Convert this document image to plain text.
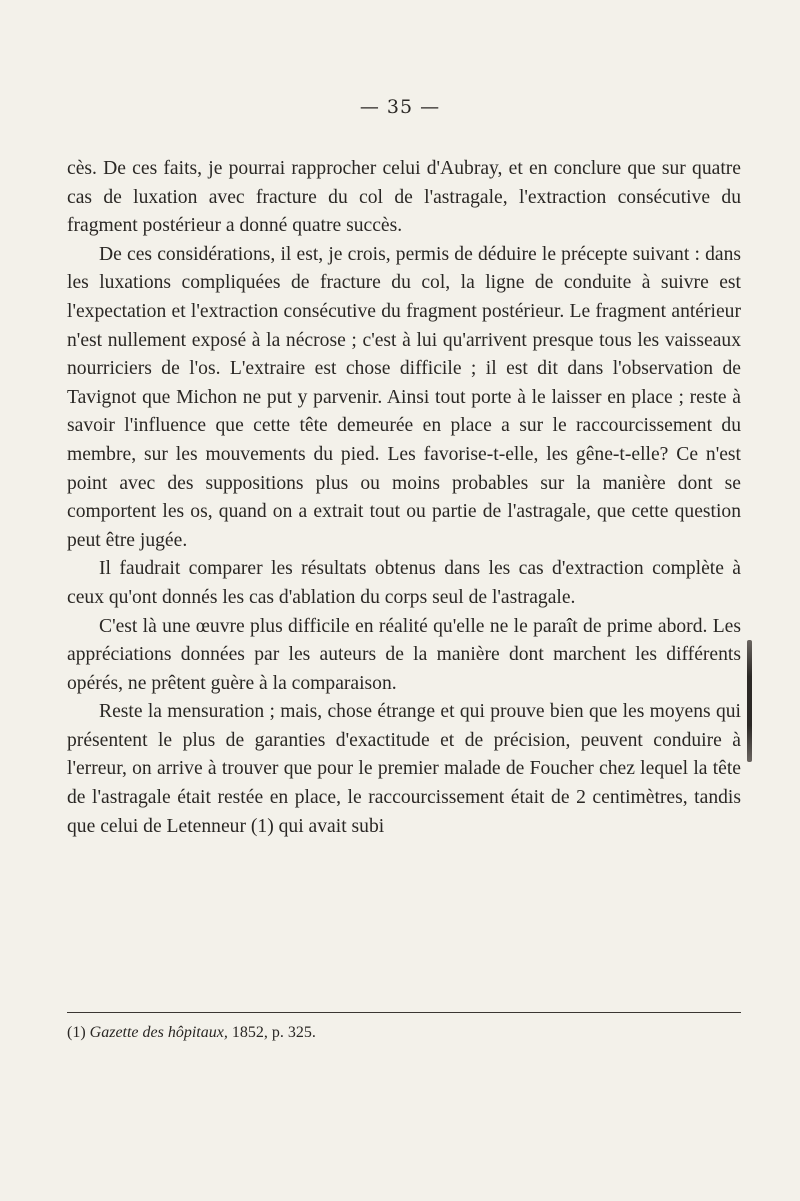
— 35 —

cès. De ces faits, je pourrai rapprocher celui d'Aubray, et en conclure que sur quatre cas de luxation avec fracture du col de l'astragale, l'extraction consécutive du fragment postérieur a donné quatre succès.

De ces considérations, il est, je crois, permis de déduire le précepte suivant : dans les luxations compliquées de fracture du col, la ligne de conduite à suivre est l'expectation et l'extraction consécutive du fragment postérieur. Le fragment antérieur n'est nullement exposé à la nécrose ; c'est à lui qu'arrivent presque tous les vaisseaux nourriciers de l'os. L'extraire est chose difficile ; il est dit dans l'observation de Tavignot que Michon ne put y parvenir. Ainsi tout porte à le laisser en place ; reste à savoir l'influence que cette tête demeurée en place a sur le raccourcissement du membre, sur les mouvements du pied. Les favorise-t-elle, les gêne-t-elle? Ce n'est point avec des suppositions plus ou moins probables sur la manière dont se comportent les os, quand on a extrait tout ou partie de l'astragale, que cette question peut être jugée.

Il faudrait comparer les résultats obtenus dans les cas d'extraction complète à ceux qu'ont donnés les cas d'ablation du corps seul de l'astragale.

C'est là une œuvre plus difficile en réalité qu'elle ne le paraît de prime abord. Les appréciations données par les auteurs de la manière dont marchent les différents opérés, ne prêtent guère à la comparaison.

Reste la mensuration ; mais, chose étrange et qui prouve bien que les moyens qui présentent le plus de garanties d'exactitude et de précision, peuvent conduire à l'erreur, on arrive à trouver que pour le premier malade de Foucher chez lequel la tête de l'astragale était restée en place, le raccourcissement était de 2 centimètres, tandis que celui de Letenneur (1) qui avait subi

(1) Gazette des hôpitaux, 1852, p. 325.
